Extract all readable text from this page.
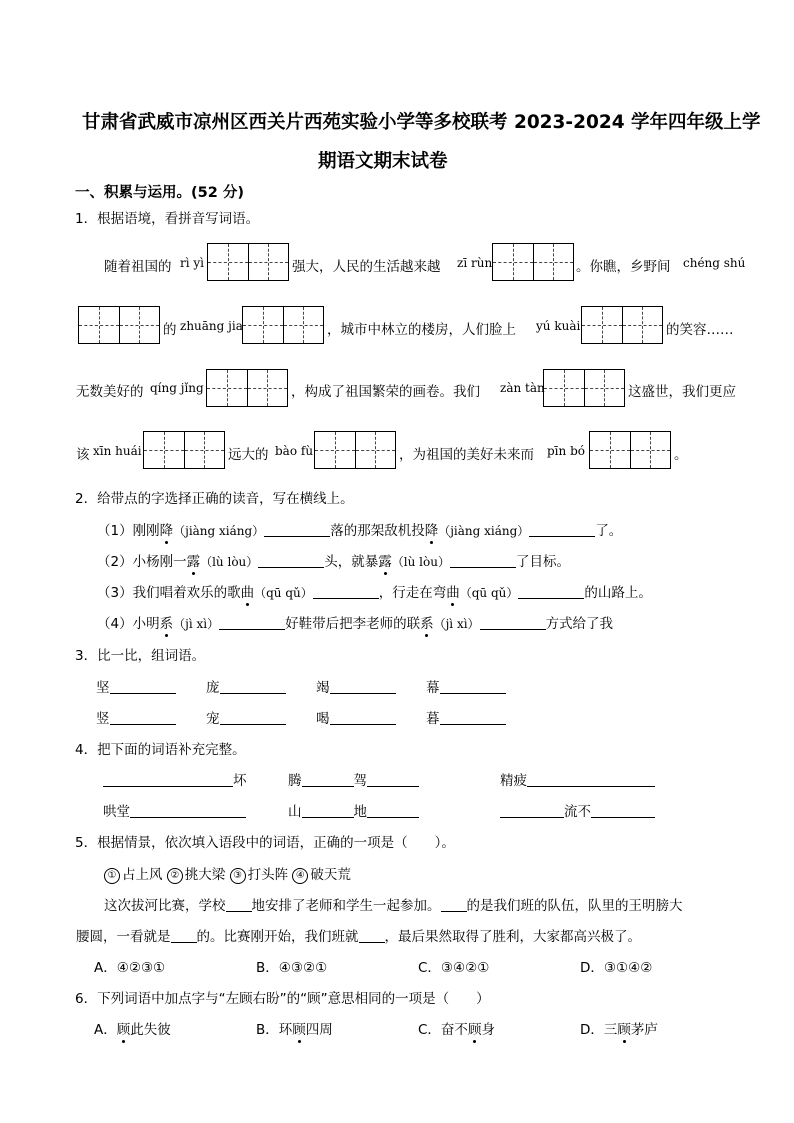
甘肃省武威市凉州区西关片西苑实验小学等多校联考 2023-2024 学年四年级上学
期语文期末试卷
一、积累与运用。(52 分)
1．根据语境，看拼音写词语。
随着祖国的 rì yì	强大，人民的生活越来越 zī rùn	。你瞧，乡野间 chéng shú
的 zhuāng jia	，城市中林立的楼房，人们脸上 yú kuài	的笑容……
无数美好的 qíng jǐng	，构成了祖国繁荣的画卷。我们 zàn tàn	这盛世，我们更应
该 xīn huái	远大的 bào fù	，为祖国的美好未来而 pīn bó	。
2．给带点的字选择正确的读音，写在横线上。
（1）刚刚降（jiàng xiáng）	落的那架敌机投降（jiàng xiáng）	了。
（2）小杨刚一露（lù lòu）	头，就暴露（lù lòu）	了目标。
（3）我们唱着欢乐的歌曲（qū qǔ）	，行走在弯曲（qū qǔ）	的山路上。
（4）小明系（jì xì）	好鞋带后把李老师的联系（jì xì）	方式给了我
3．比一比，组词语。
坚	庞	竭	幕
竖	宠	喝	暮
4．把下面的词语补充完整。
坏	腾	驾	精疲
哄堂	山	地	流不
5．根据情景，依次填入语段中的词语，正确的一项是（　　）。
① 占上风 ② 挑大梁 ③ 打头阵 ④ 破天荒
这次拔河比赛，学校 地安排了老师和学生一起参加。 的是我们班的队伍，队里的王明膀大
腰圆，一看就是 的。比赛刚开始，我们班就 ，最后果然取得了胜利，大家都高兴极了。
A．④②③①	B．④③②①	C．③④②①	D．③①④②
6．下列词语中加点字与“左顾右盼”的“顾”意思相同的一项是（　　）
A．顾此失彼	B．环顾四周	C．奋不顾身	D．三顾茅庐
